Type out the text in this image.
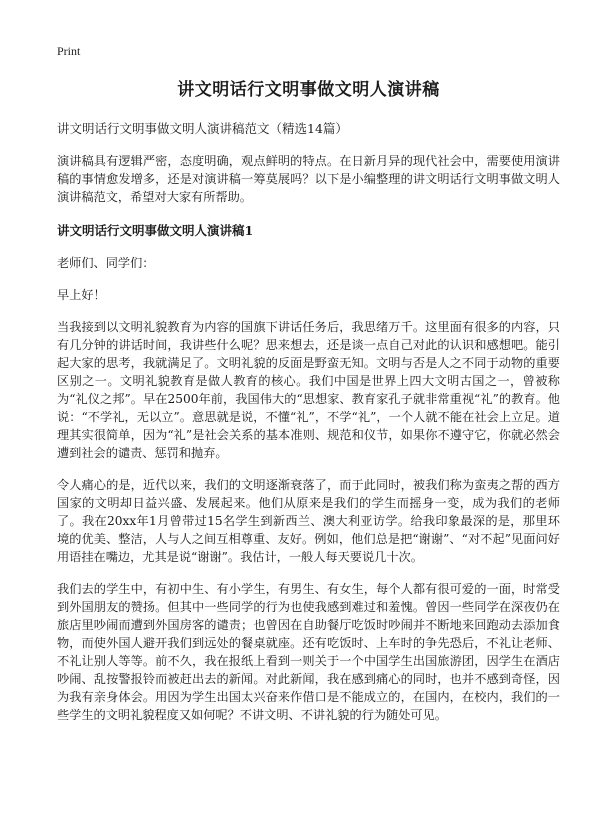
Print
讲文明话行文明事做文明人演讲稿

讲文明话行文明事做文明人演讲稿范文（精选14篇）

演讲稿具有逻辑严密，态度明确，观点鲜明的特点。在日新月异的现代社会中，需要使用演讲稿的事情愈发增多，还是对演讲稿一筹莫展吗？以下是小编整理的讲文明话行文明事做文明人演讲稿范文，希望对大家有所帮助。

讲文明话行文明事做文明人演讲稿1

老师们、同学们：

早上好！

当我接到以文明礼貌教育为内容的国旗下讲话任务后，我思绪万千。这里面有很多的内容，只有几分钟的讲话时间，我讲些什么呢？思来想去，还是谈一点自己对此的认识和感想吧。能引起大家的思考，我就满足了。文明礼貌的反面是野蛮无知。文明与否是人之不同于动物的重要区别之一。文明礼貌教育是做人教育的核心。我们中国是世界上四大文明古国之一，曾被称为“礼仪之邦”。早在2500年前，我国伟大的“思想家、教育家孔子就非常重视“礼”的教育。他说：“不学礼，无以立”。意思就是说，不懂“礼”，不学“礼”，一个人就不能在社会上立足。道理其实很简单，因为“礼”是社会关系的基本准则、规范和仪节，如果你不遵守它，你就必然会遭到社会的谴责、惩罚和抛弃。

令人痛心的是，近代以来，我们的文明逐渐衰落了，而于此同时，被我们称为蛮夷之帮的西方国家的文明却日益兴盛、发展起来。他们从原来是我们的学生而摇身一变，成为我们的老师了。我在20xx年1月曾带过15名学生到新西兰、澳大利亚访学。给我印象最深的是，那里环境的优美、整洁，人与人之间互相尊重、友好。例如，他们总是把“谢谢”、“对不起”见面问好用语挂在嘴边，尤其是说“谢谢”。我估计，一般人每天要说几十次。

我们去的学生中，有初中生、有小学生，有男生、有女生，每个人都有很可爱的一面，时常受到外国朋友的赞扬。但其中一些同学的行为也使我感到难过和羞愧。曾因一些同学在深夜仍在旅店里吵闹而遭到外国房客的谴责；也曾因在自助餐厅吃饭时吵闹并不断地来回跑动去添加食物，而使外国人避开我们到远处的餐桌就座。还有吃饭时、上车时的争先恐后，不礼让老师、不礼让别人等等。前不久，我在报纸上看到一则关于一个中国学生出国旅游团，因学生在酒店吵闹、乱按警报铃而被赶出去的新闻。对此新闻，我在感到痛心的同时，也并不感到奇怪，因为我有亲身体会。用因为学生出国太兴奋来作借口是不能成立的，在国内，在校内，我们的一些学生的文明礼貌程度又如何呢？不讲文明、不讲礼貌的行为随处可见。
